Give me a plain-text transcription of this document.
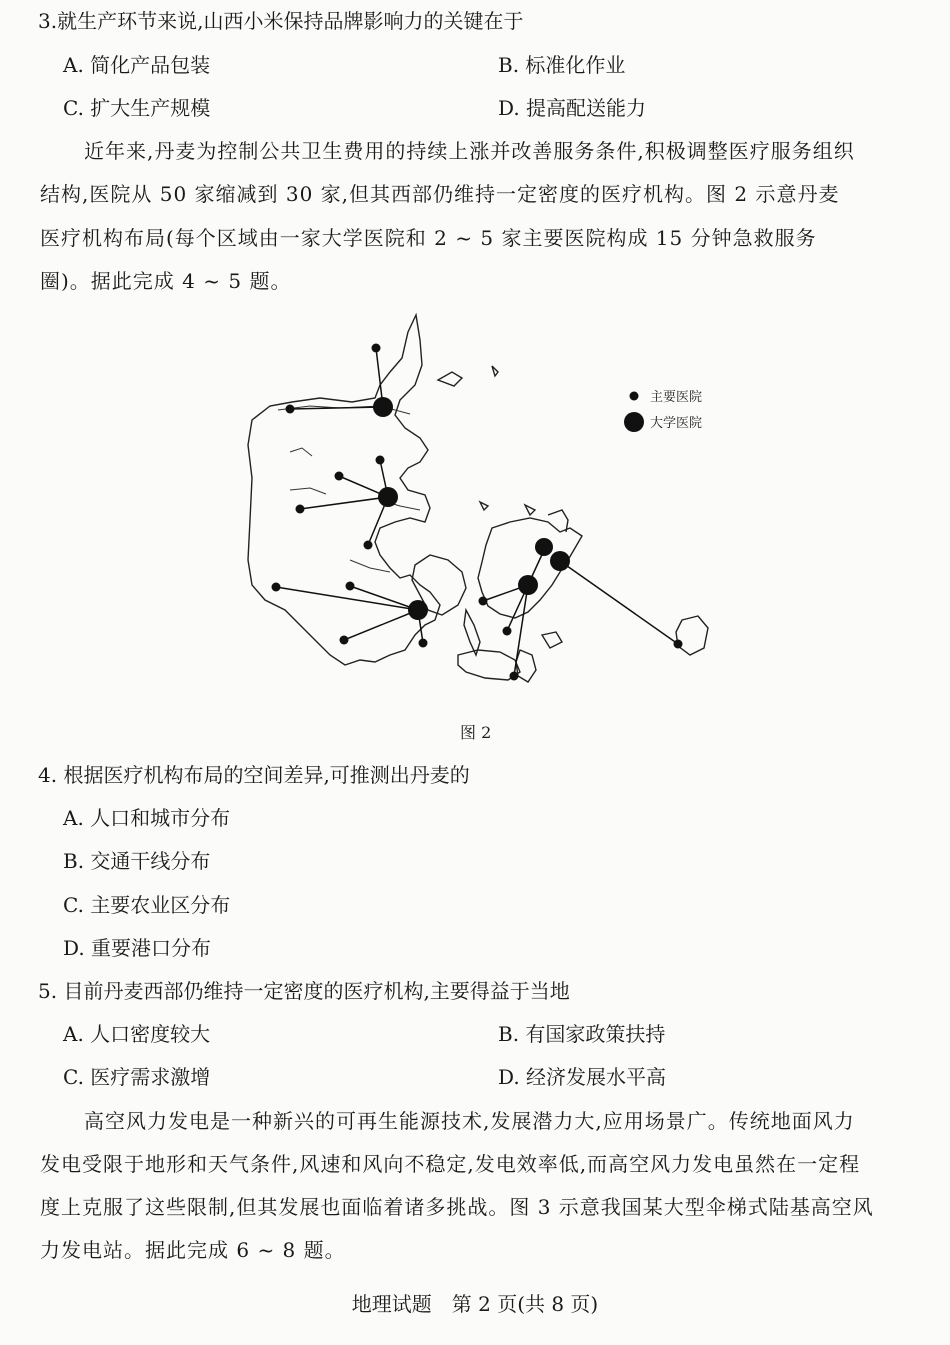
3.就生产环节来说,山西小米保持品牌影响力的关键在于
A. 简化产品包装	B. 标准化作业
C. 扩大生产规模	D. 提高配送能力
近年来,丹麦为控制公共卫生费用的持续上涨并改善服务条件,积极调整医疗服务组织
结构,医院从 50 家缩减到 30 家,但其西部仍维持一定密度的医疗机构。图 2 示意丹麦
医疗机构布局(每个区域由一家大学医院和 2 ~ 5 家主要医院构成 15 分钟急救服务
圈)。据此完成 4 ~ 5 题。
主要医院
大学医院
图 2
4. 根据医疗机构布局的空间差异,可推测出丹麦的
A. 人口和城市分布
B. 交通干线分布
C. 主要农业区分布
D. 重要港口分布
5. 目前丹麦西部仍维持一定密度的医疗机构,主要得益于当地
A. 人口密度较大	B. 有国家政策扶持
C. 医疗需求激增	D. 经济发展水平高
高空风力发电是一种新兴的可再生能源技术,发展潜力大,应用场景广。传统地面风力
发电受限于地形和天气条件,风速和风向不稳定,发电效率低,而高空风力发电虽然在一定程
度上克服了这些限制,但其发展也面临着诸多挑战。图 3 示意我国某大型伞梯式陆基高空风
力发电站。据此完成 6 ~ 8 题。
地理试题　第 2 页(共 8 页)
